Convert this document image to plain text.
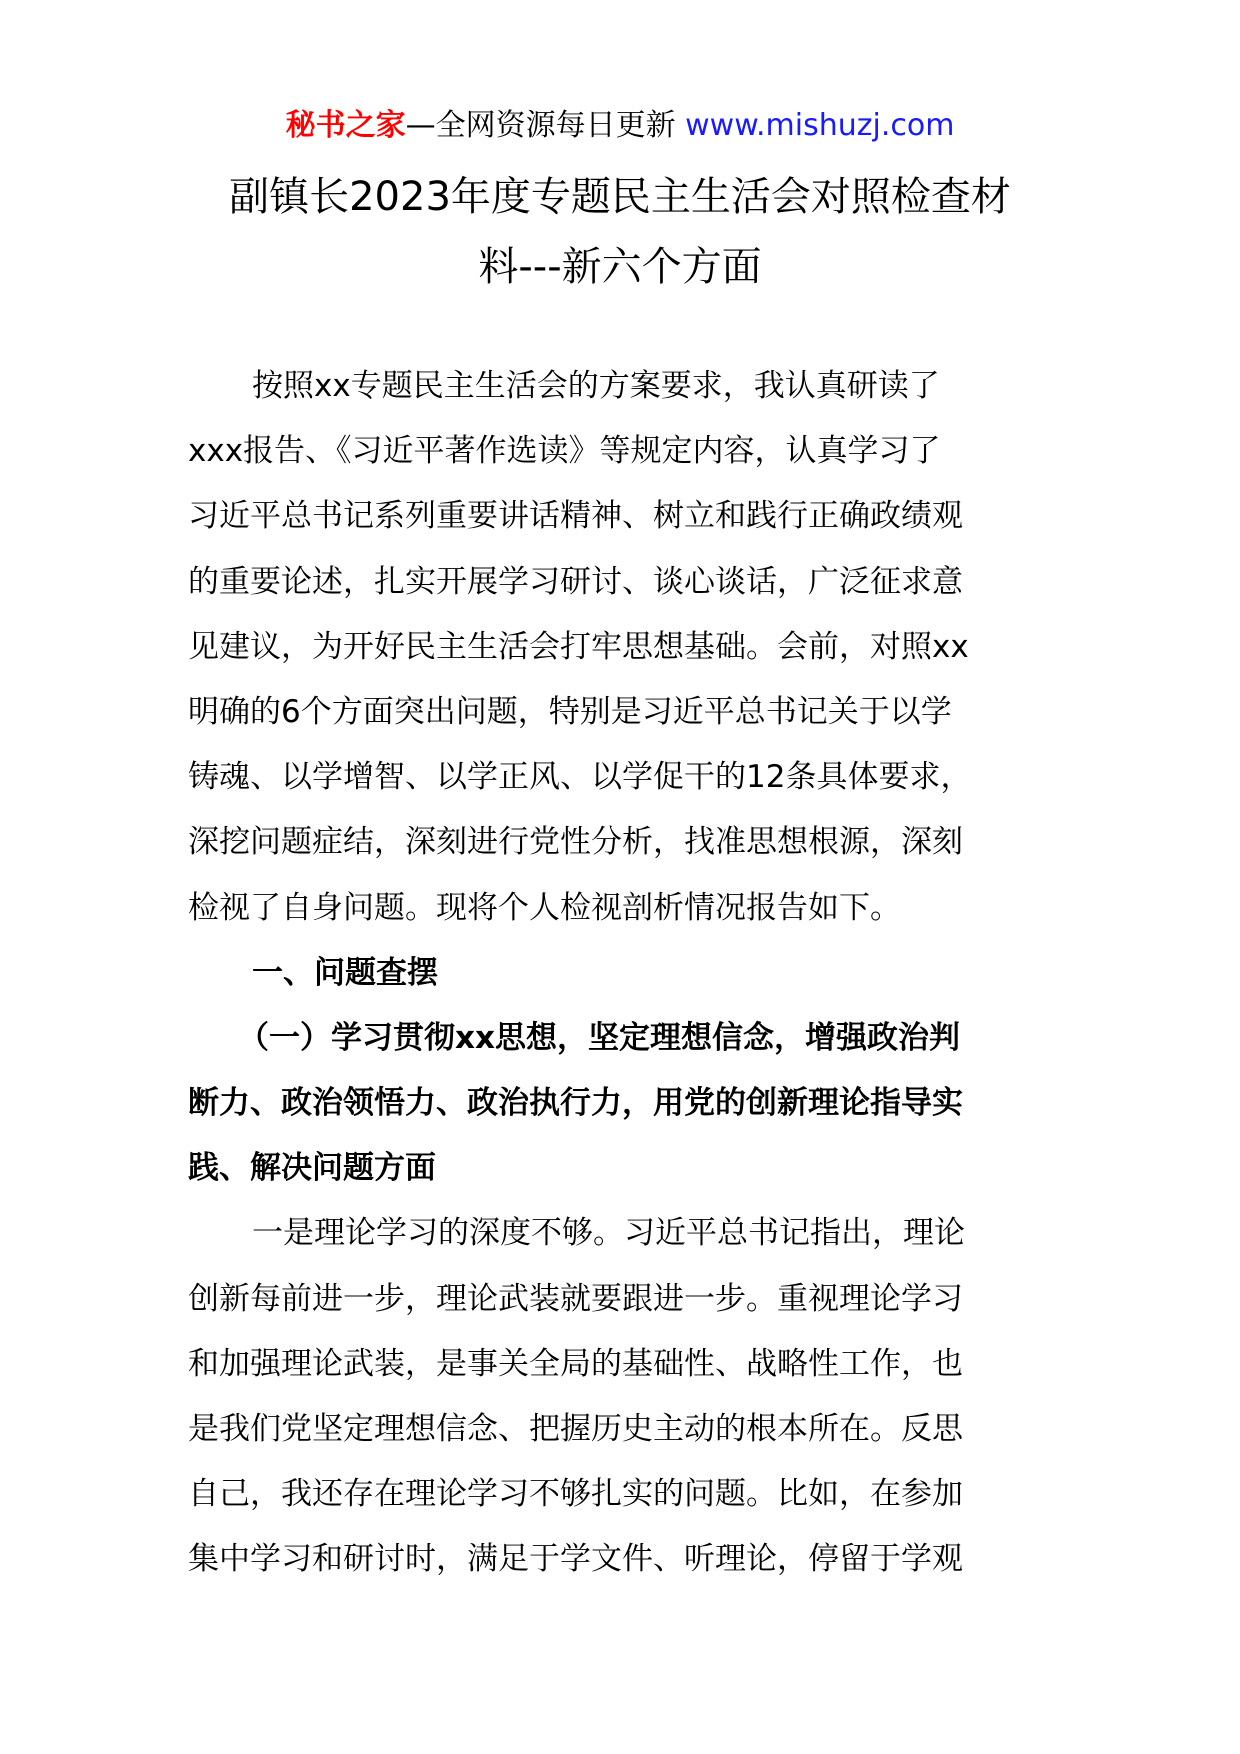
秘书之家—全网资源每日更新 www.mishuzj.com
副镇长2023年度专题民主生活会对照检查材
料---新六个方面
按照xx专题民主生活会的方案要求，我认真研读了
xxx报告、《习近平著作选读》等规定内容，认真学习了
习近平总书记系列重要讲话精神、树立和践行正确政绩观
的重要论述，扎实开展学习研讨、谈心谈话，广泛征求意
见建议，为开好民主生活会打牢思想基础。会前，对照xx
明确的6个方面突出问题，特别是习近平总书记关于以学
铸魂、以学增智、以学正风、以学促干的12条具体要求，
深挖问题症结，深刻进行党性分析，找准思想根源，深刻
检视了自身问题。现将个人检视剖析情况报告如下。
一、问题查摆
（一）学习贯彻xx思想，坚定理想信念，增强政治判
断力、政治领悟力、政治执行力，用党的创新理论指导实
践、解决问题方面
一是理论学习的深度不够。习近平总书记指出，理论
创新每前进一步，理论武装就要跟进一步。重视理论学习
和加强理论武装，是事关全局的基础性、战略性工作，也
是我们党坚定理想信念、把握历史主动的根本所在。反思
自己，我还存在理论学习不够扎实的问题。比如，在参加
集中学习和研讨时，满足于学文件、听理论，停留于学观
